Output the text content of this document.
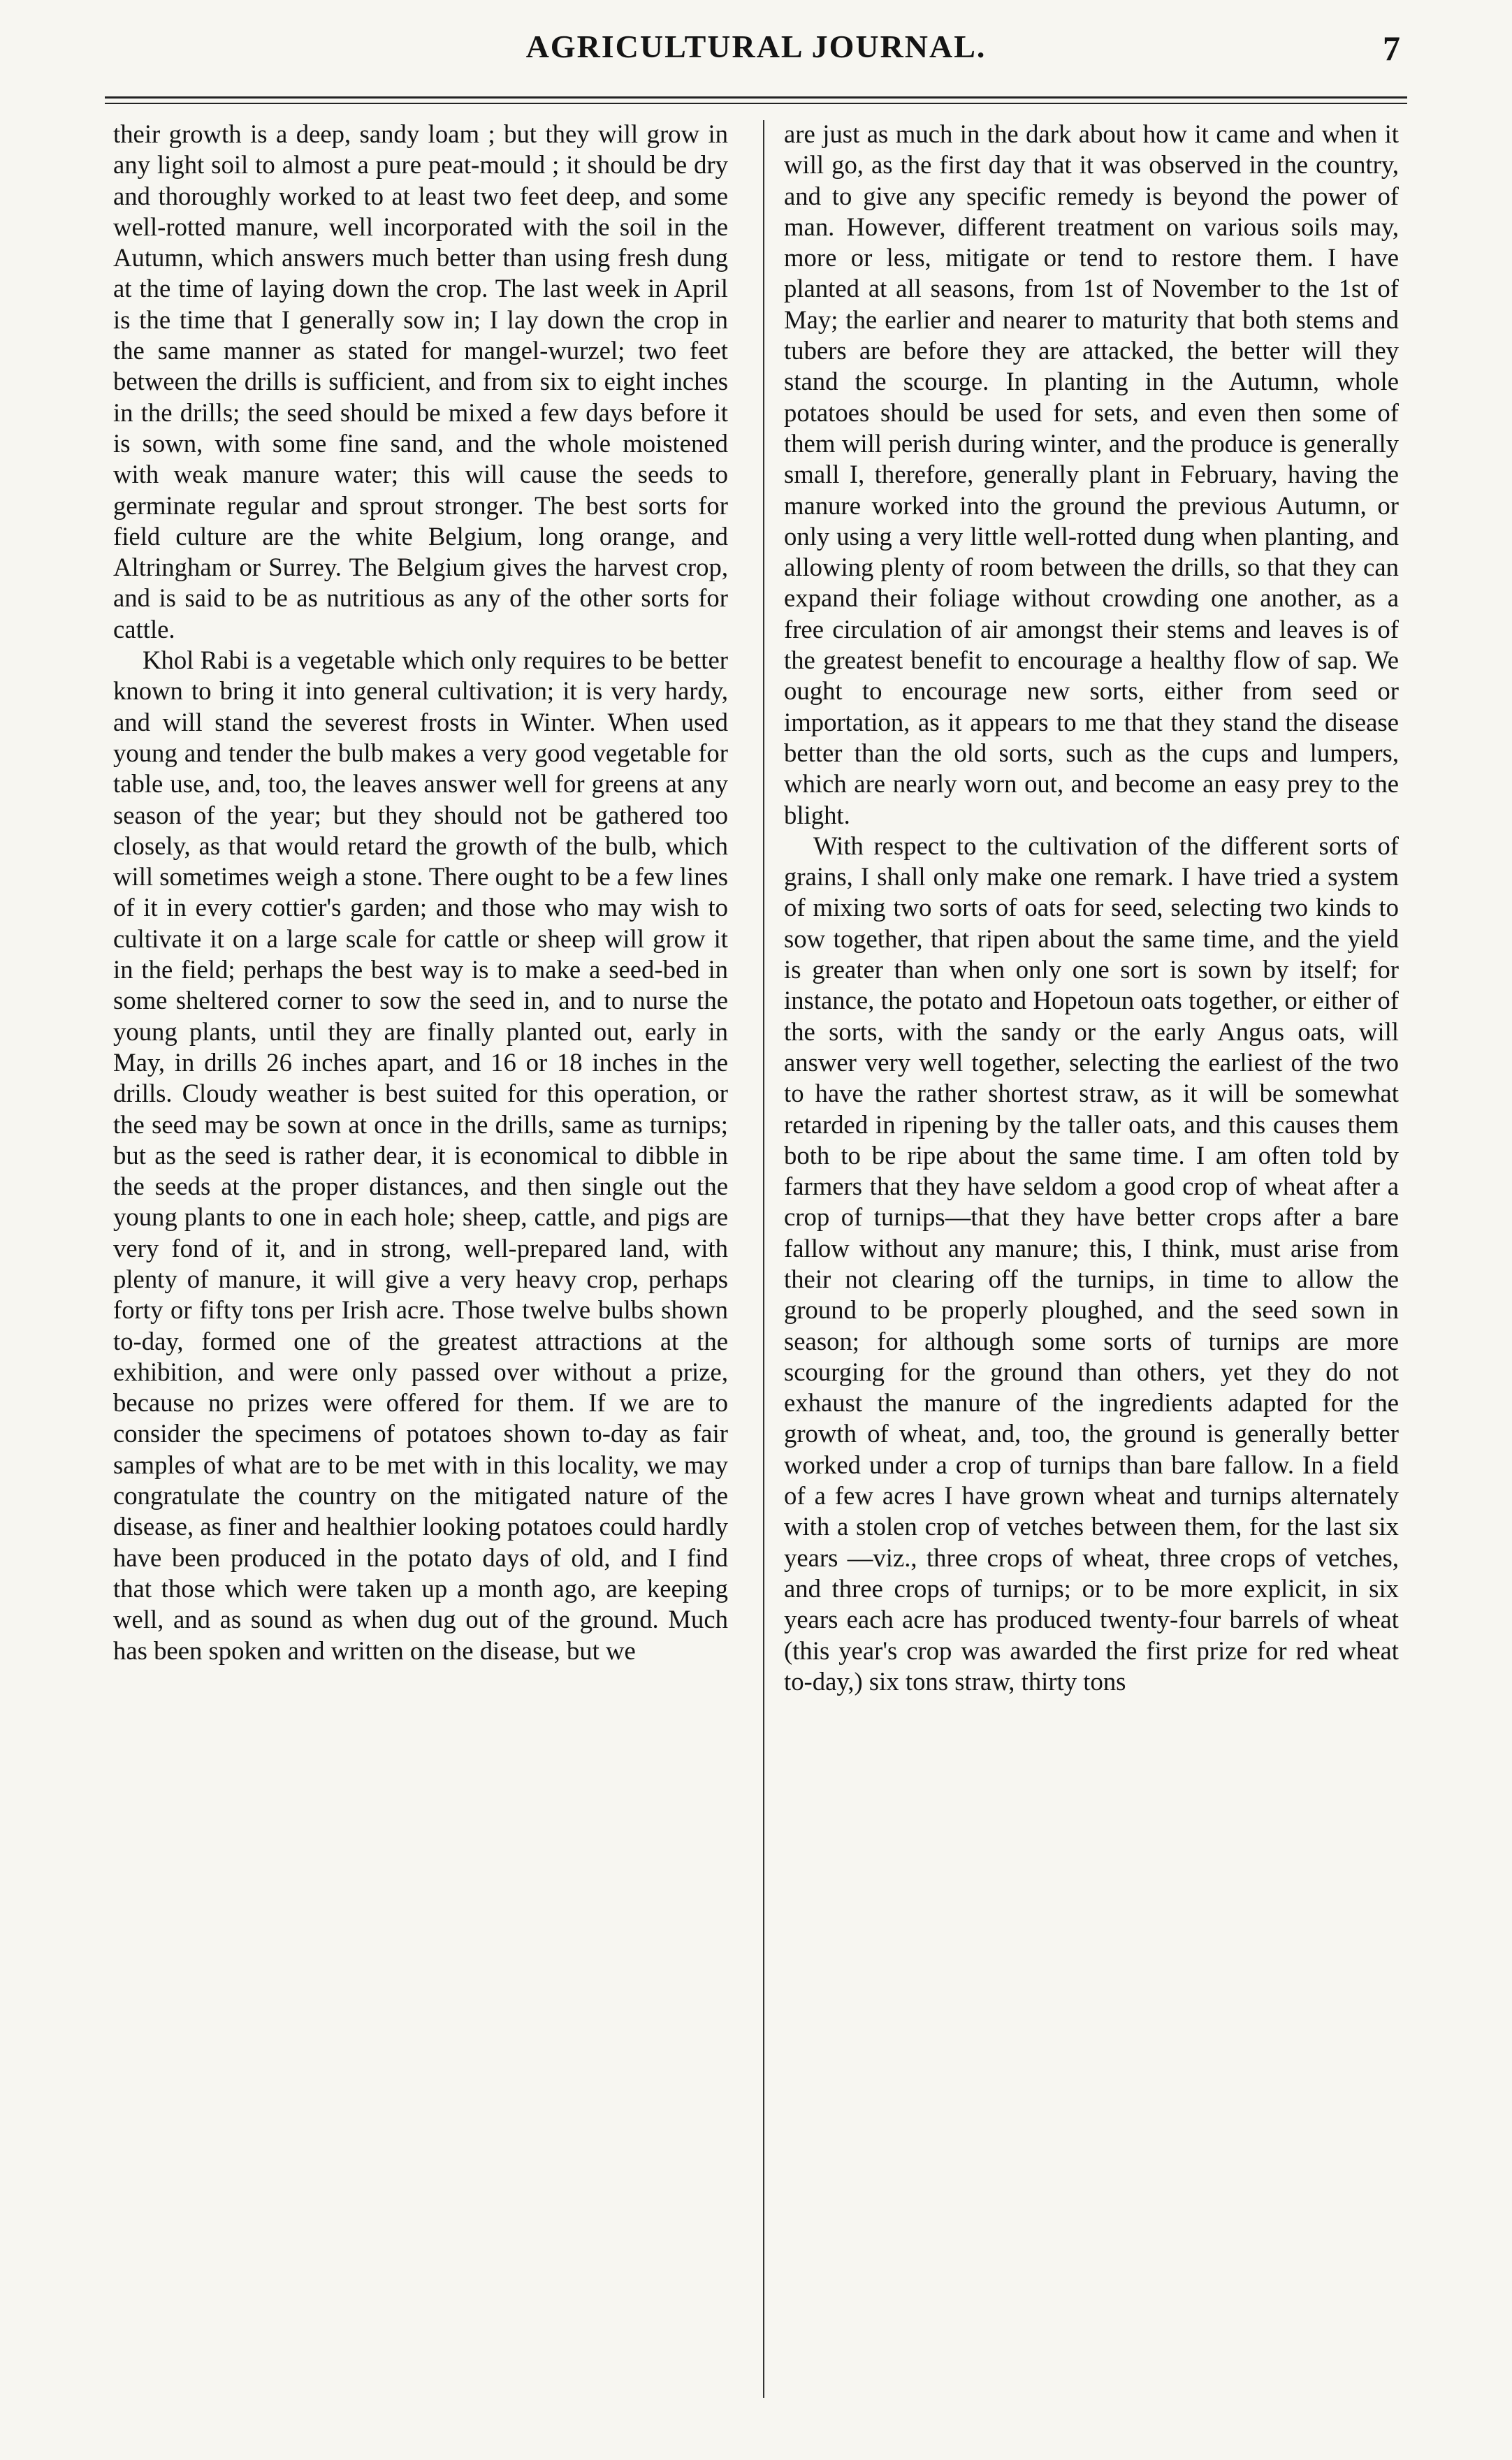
AGRICULTURAL JOURNAL.	7

their growth is a deep, sandy loam ; but they will grow in any light soil to almost a pure peat-mould ; it should be dry and thoroughly worked to at least two feet deep, and some well-rotted manure, well incorporated with the soil in the Autumn, which answers much better than using fresh dung at the time of laying down the crop. The last week in April is the time that I generally sow in; I lay down the crop in the same manner as stated for mangel-wurzel; two feet between the drills is sufficient, and from six to eight inches in the drills; the seed should be mixed a few days before it is sown, with some fine sand, and the whole moistened with weak manure water; this will cause the seeds to germinate regular and sprout stronger. The best sorts for field culture are the white Belgium, long orange, and Altringham or Surrey. The Belgium gives the harvest crop, and is said to be as nutritious as any of the other sorts for cattle.

Khol Rabi is a vegetable which only requires to be better known to bring it into general cultivation; it is very hardy, and will stand the severest frosts in Winter. When used young and tender the bulb makes a very good vegetable for table use, and, too, the leaves answer well for greens at any season of the year; but they should not be gathered too closely, as that would retard the growth of the bulb, which will sometimes weigh a stone. There ought to be a few lines of it in every cottier's garden; and those who may wish to cultivate it on a large scale for cattle or sheep will grow it in the field; perhaps the best way is to make a seed-bed in some sheltered corner to sow the seed in, and to nurse the young plants, until they are finally planted out, early in May, in drills 26 inches apart, and 16 or 18 inches in the drills. Cloudy weather is best suited for this operation, or the seed may be sown at once in the drills, same as turnips; but as the seed is rather dear, it is economical to dibble in the seeds at the proper distances, and then single out the young plants to one in each hole; sheep, cattle, and pigs are very fond of it, and in strong, well-prepared land, with plenty of manure, it will give a very heavy crop, perhaps forty or fifty tons per Irish acre. Those twelve bulbs shown to-day, formed one of the greatest attractions at the exhibition, and were only passed over without a prize, because no prizes were offered for them. If we are to consider the specimens of potatoes shown to-day as fair samples of what are to be met with in this locality, we may congratulate the country on the mitigated nature of the disease, as finer and healthier looking potatoes could hardly have been produced in the potato days of old, and I find that those which were taken up a month ago, are keeping well, and as sound as when dug out of the ground. Much has been spoken and written on the disease, but we

are just as much in the dark about how it came and when it will go, as the first day that it was observed in the country, and to give any specific remedy is beyond the power of man. However, different treatment on various soils may, more or less, mitigate or tend to restore them. I have planted at all seasons, from 1st of November to the 1st of May; the earlier and nearer to maturity that both stems and tubers are before they are attacked, the better will they stand the scourge. In planting in the Autumn, whole potatoes should be used for sets, and even then some of them will perish during winter, and the produce is generally small I, therefore, generally plant in February, having the manure worked into the ground the previous Autumn, or only using a very little well-rotted dung when planting, and allowing plenty of room between the drills, so that they can expand their foliage without crowding one another, as a free circulation of air amongst their stems and leaves is of the greatest benefit to encourage a healthy flow of sap. We ought to encourage new sorts, either from seed or importation, as it appears to me that they stand the disease better than the old sorts, such as the cups and lumpers, which are nearly worn out, and become an easy prey to the blight.

With respect to the cultivation of the different sorts of grains, I shall only make one remark. I have tried a system of mixing two sorts of oats for seed, selecting two kinds to sow together, that ripen about the same time, and the yield is greater than when only one sort is sown by itself; for instance, the potato and Hopetoun oats together, or either of the sorts, with the sandy or the early Angus oats, will answer very well together, selecting the earliest of the two to have the rather shortest straw, as it will be somewhat retarded in ripening by the taller oats, and this causes them both to be ripe about the same time. I am often told by farmers that they have seldom a good crop of wheat after a crop of turnips—that they have better crops after a bare fallow without any manure; this, I think, must arise from their not clearing off the turnips, in time to allow the ground to be properly ploughed, and the seed sown in season; for although some sorts of turnips are more scourging for the ground than others, yet they do not exhaust the manure of the ingredients adapted for the growth of wheat, and, too, the ground is generally better worked under a crop of turnips than bare fallow. In a field of a few acres I have grown wheat and turnips alternately with a stolen crop of vetches between them, for the last six years —viz., three crops of wheat, three crops of vetches, and three crops of turnips; or to be more explicit, in six years each acre has produced twenty-four barrels of wheat (this year's crop was awarded the first prize for red wheat to-day,) six tons straw, thirty tons
